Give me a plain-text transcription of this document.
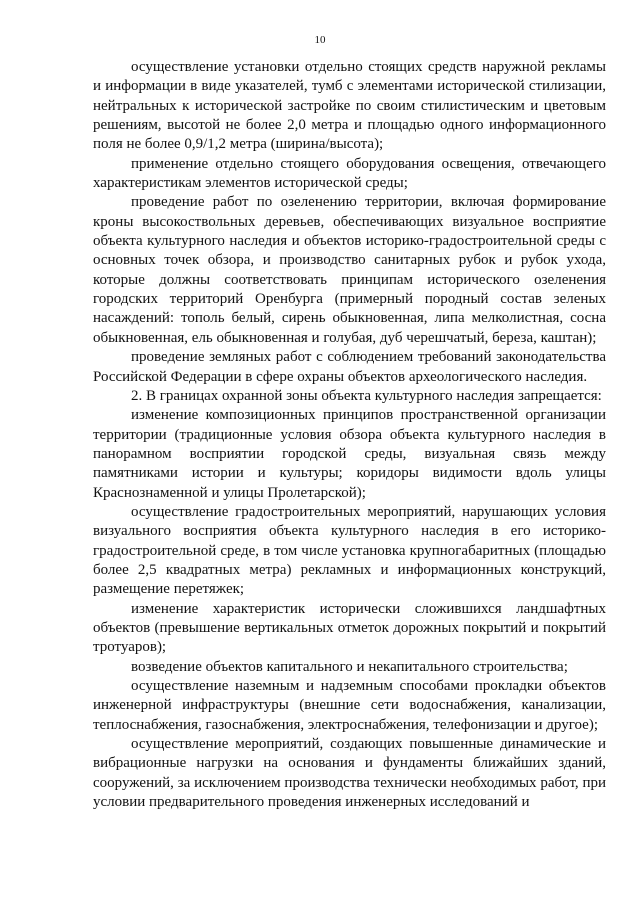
10

осуществление установки отдельно стоящих средств наружной рекламы и информации в виде указателей, тумб с элементами исторической стилизации, нейтральных к исторической застройке по своим стилистическим и цветовым решениям, высотой не более 2,0 метра и площадью одного информационного поля не более 0,9/1,2 метра (ширина/высота);

применение отдельно стоящего оборудования освещения, отвечающего характеристикам элементов исторической среды;

проведение работ по озеленению территории, включая формирование кроны высокоствольных деревьев, обеспечивающих визуальное восприятие объекта культурного наследия и объектов историко-градостроительной среды с основных точек обзора, и производство санитарных рубок и рубок ухода, которые должны соответствовать принципам исторического озеленения городских территорий Оренбурга (примерный породный состав зеленых насаждений: тополь белый, сирень обыкновенная, липа мелколистная, сосна обыкновенная, ель обыкновенная и голубая, дуб черешчатый, береза, каштан);

проведение земляных работ с соблюдением требований законодательства Российской Федерации в сфере охраны объектов археологического наследия.

2. В границах охранной зоны объекта культурного наследия запрещается:

изменение композиционных принципов пространственной организации территории (традиционные условия обзора объекта культурного наследия в панорамном восприятии городской среды, визуальная связь между памятниками истории и культуры; коридоры видимости вдоль улицы Краснознаменной и улицы Пролетарской);

осуществление градостроительных мероприятий, нарушающих условия визуального восприятия объекта культурного наследия в его историко-градостроительной среде, в том числе установка крупногабаритных (площадью более 2,5 квадратных метра) рекламных и информационных конструкций, размещение перетяжек;

изменение характеристик исторически сложившихся ландшафтных объектов (превышение вертикальных отметок дорожных покрытий и покрытий тротуаров);

возведение объектов капитального и некапитального строительства;

осуществление наземным и надземным способами прокладки объектов инженерной инфраструктуры (внешние сети водоснабжения, канализации, теплоснабжения, газоснабжения, электроснабжения, телефонизации и другое);

осуществление мероприятий, создающих повышенные динамические и вибрационные нагрузки на основания и фундаменты ближайших зданий, сооружений, за исключением производства технически необходимых работ, при условии предварительного проведения инженерных исследований и
